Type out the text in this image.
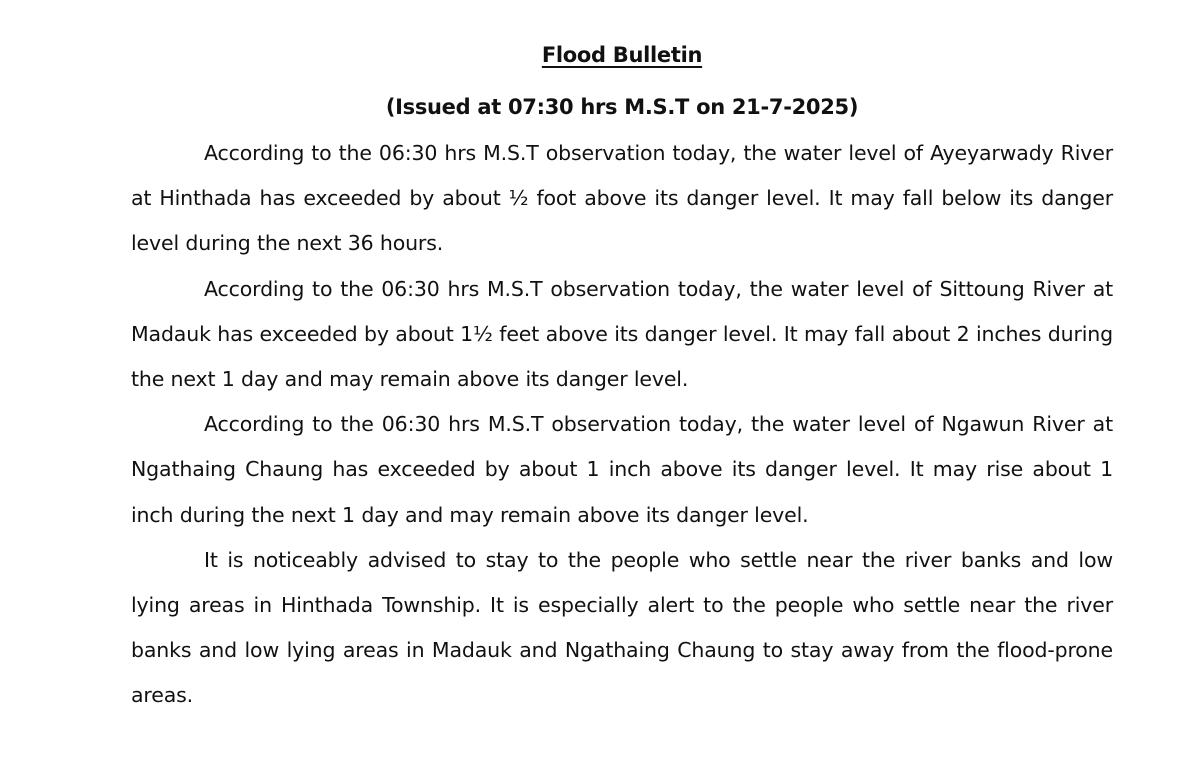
Flood Bulletin
(Issued at 07:30 hrs M.S.T on 21-7-2025)

According to the 06:30 hrs M.S.T observation today, the water level of Ayeyarwady River at Hinthada has exceeded by about ½ foot above its danger level. It may fall below its danger level during the next 36 hours.

According to the 06:30 hrs M.S.T observation today, the water level of Sittoung River at Madauk has exceeded by about 1½ feet above its danger level. It may fall about 2 inches during the next 1 day and may remain above its danger level.

According to the 06:30 hrs M.S.T observation today, the water level of Ngawun River at Ngathaing Chaung has exceeded by about 1 inch above its danger level. It may rise about 1 inch during the next 1 day and may remain above its danger level.

It is noticeably advised to stay to the people who settle near the river banks and low lying areas in Hinthada Township. It is especially alert to the people who settle near the river banks and low lying areas in Madauk and Ngathaing Chaung to stay away from the flood-prone areas.
